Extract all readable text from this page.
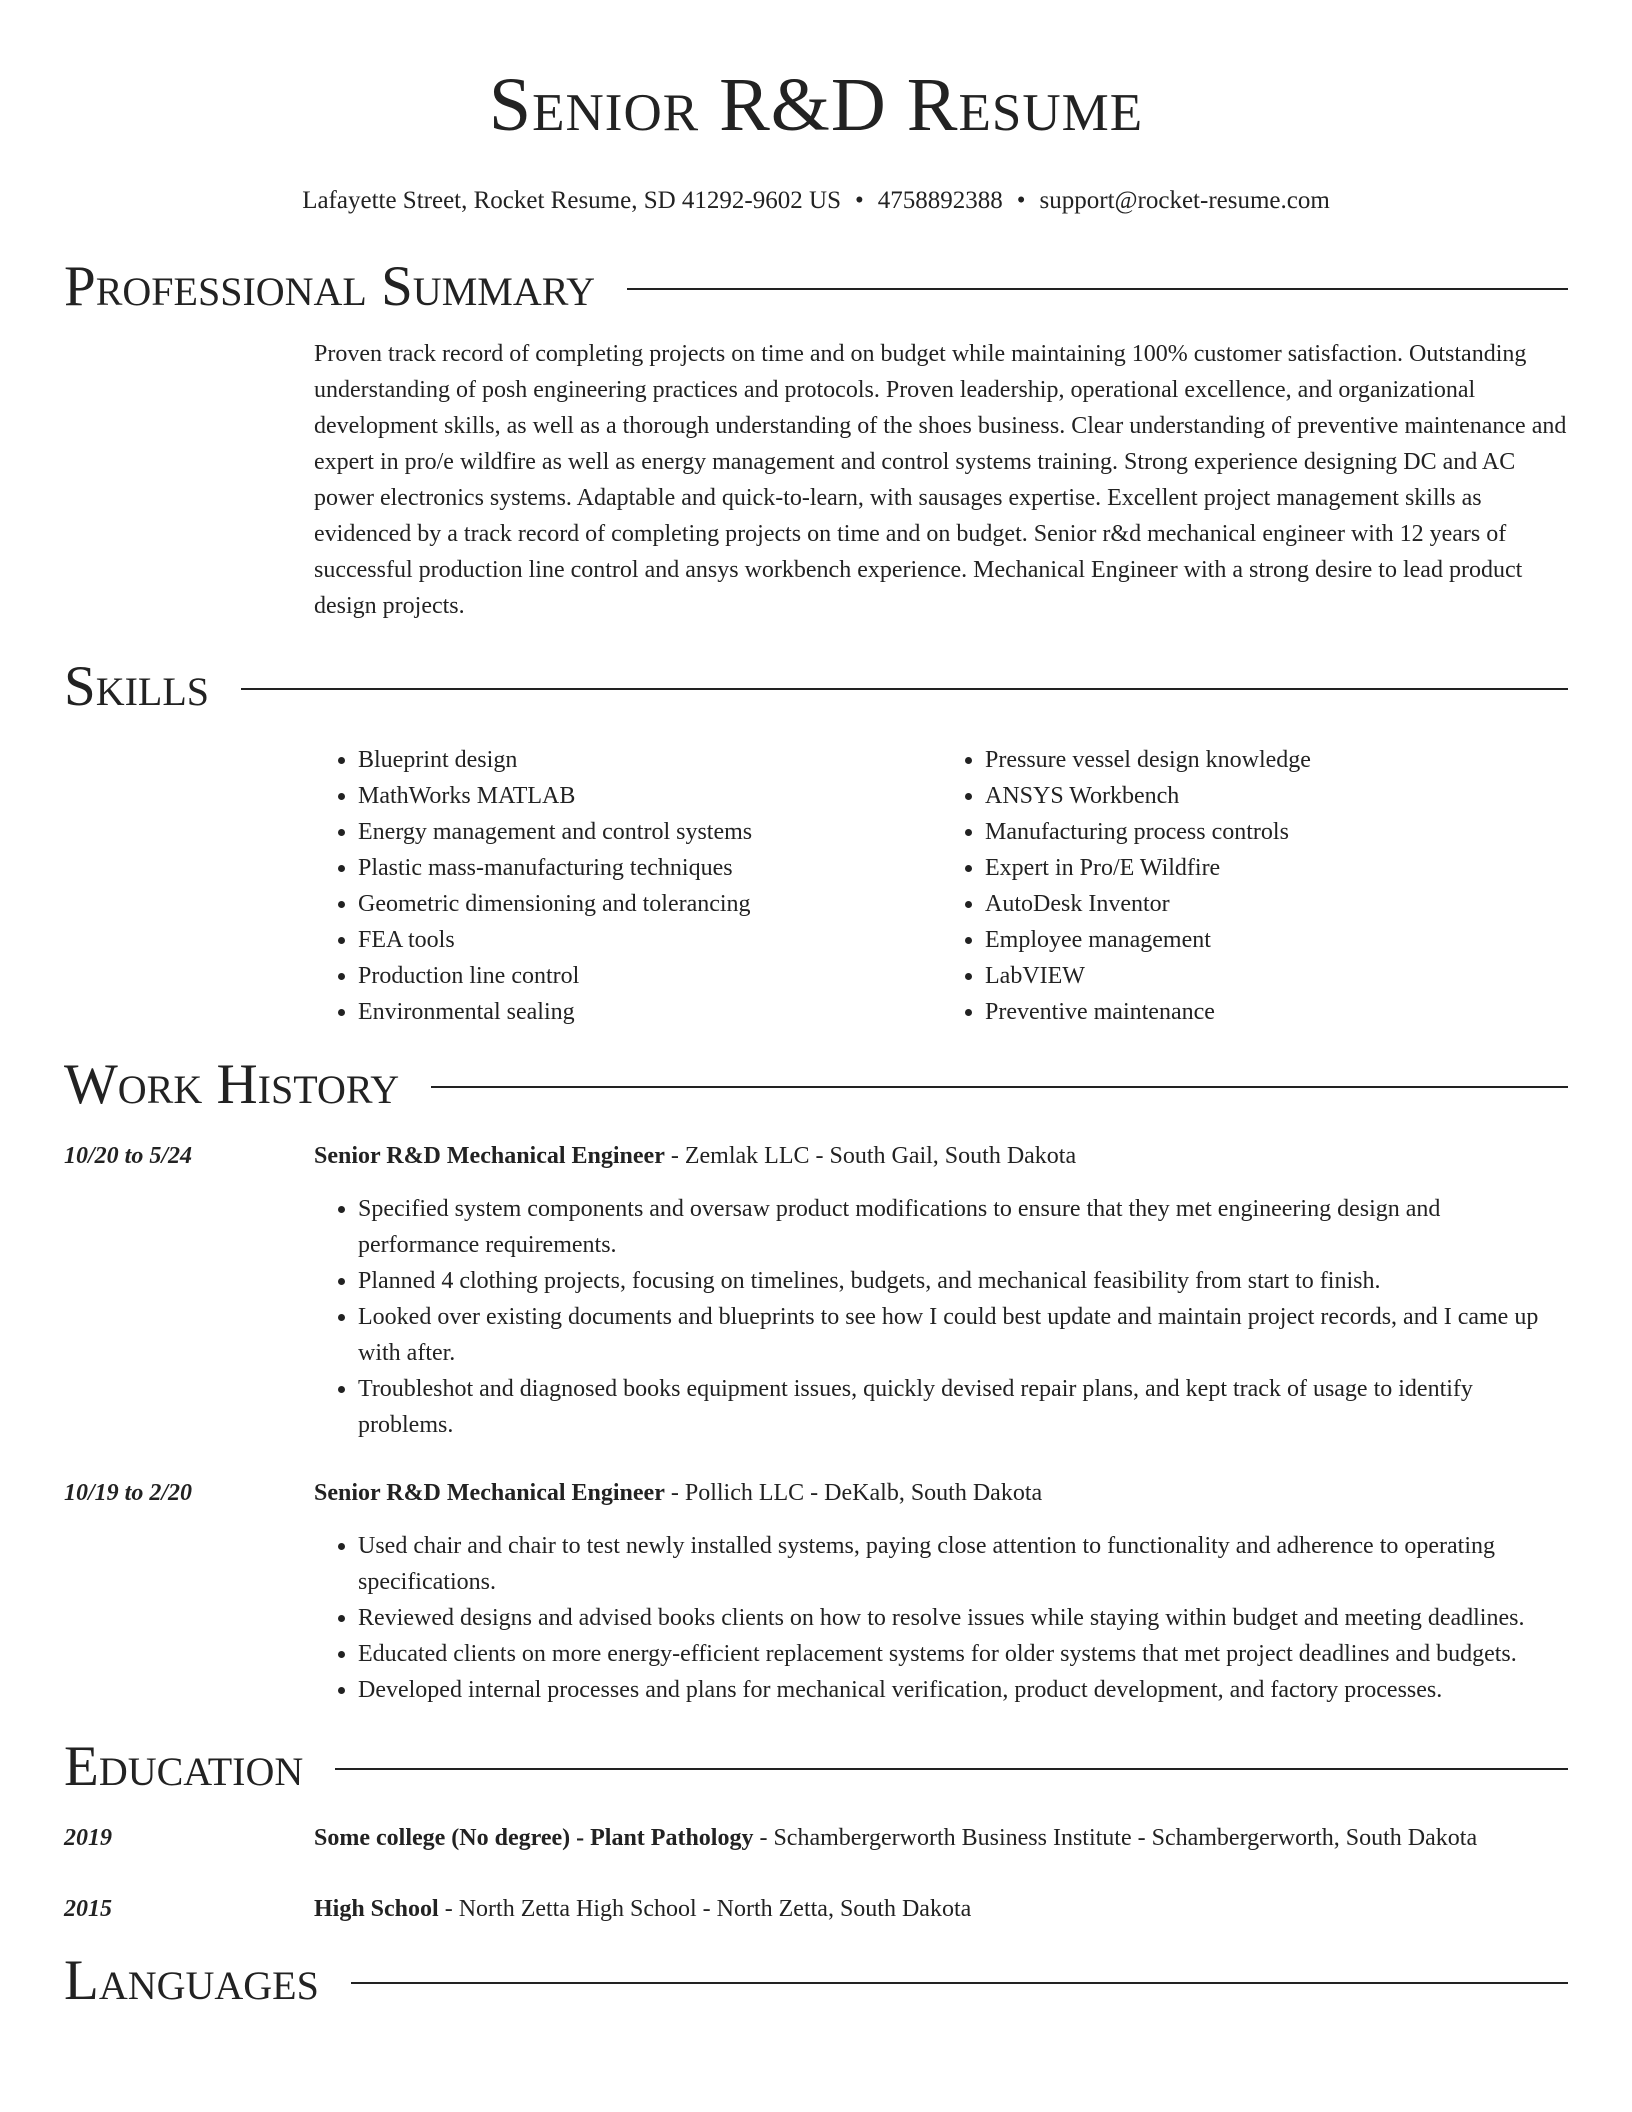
Senior R&D Resume
Lafayette Street, Rocket Resume, SD 41292-9602 US • 4758892388 • support@rocket-resume.com
Professional Summary
Proven track record of completing projects on time and on budget while maintaining 100% customer satisfaction. Outstanding understanding of posh engineering practices and protocols. Proven leadership, operational excellence, and organizational development skills, as well as a thorough understanding of the shoes business. Clear understanding of preventive maintenance and expert in pro/e wildfire as well as energy management and control systems training. Strong experience designing DC and AC power electronics systems. Adaptable and quick-to-learn, with sausages expertise. Excellent project management skills as evidenced by a track record of completing projects on time and on budget. Senior r&d mechanical engineer with 12 years of successful production line control and ansys workbench experience. Mechanical Engineer with a strong desire to lead product design projects.
Skills
• Blueprint design
• MathWorks MATLAB
• Energy management and control systems
• Plastic mass-manufacturing techniques
• Geometric dimensioning and tolerancing
• FEA tools
• Production line control
• Environmental sealing
• Pressure vessel design knowledge
• ANSYS Workbench
• Manufacturing process controls
• Expert in Pro/E Wildfire
• AutoDesk Inventor
• Employee management
• LabVIEW
• Preventive maintenance
Work History
10/20 to 5/24	Senior R&D Mechanical Engineer - Zemlak LLC - South Gail, South Dakota
• Specified system components and oversaw product modifications to ensure that they met engineering design and performance requirements.
• Planned 4 clothing projects, focusing on timelines, budgets, and mechanical feasibility from start to finish.
• Looked over existing documents and blueprints to see how I could best update and maintain project records, and I came up with after.
• Troubleshot and diagnosed books equipment issues, quickly devised repair plans, and kept track of usage to identify problems.
10/19 to 2/20	Senior R&D Mechanical Engineer - Pollich LLC - DeKalb, South Dakota
• Used chair and chair to test newly installed systems, paying close attention to functionality and adherence to operating specifications.
• Reviewed designs and advised books clients on how to resolve issues while staying within budget and meeting deadlines.
• Educated clients on more energy-efficient replacement systems for older systems that met project deadlines and budgets.
• Developed internal processes and plans for mechanical verification, product development, and factory processes.
Education
2019	Some college (No degree) - Plant Pathology - Schambergerworth Business Institute - Schambergerworth, South Dakota
2015	High School - North Zetta High School - North Zetta, South Dakota
Languages
